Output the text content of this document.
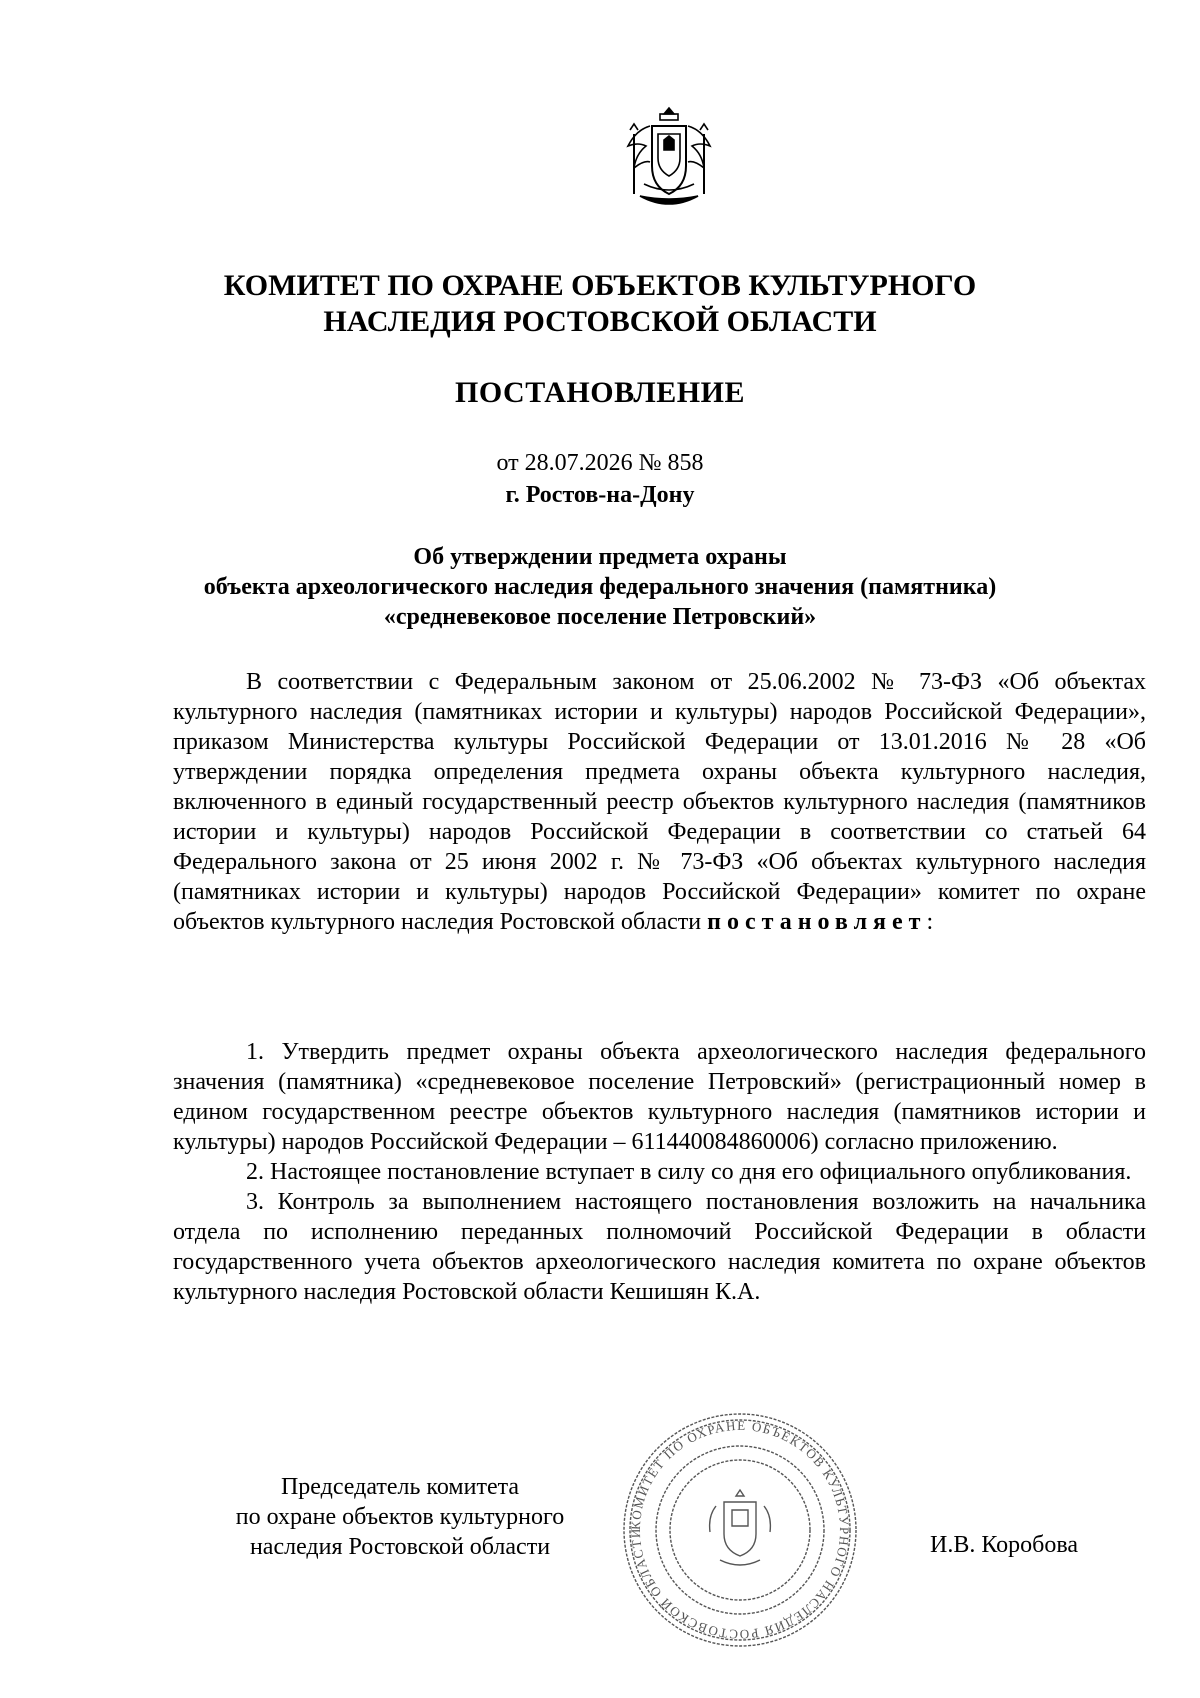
КОМИТЕТ ПО ОХРАНЕ ОБЪЕКТОВ КУЛЬТУРНОГО
НАСЛЕДИЯ РОСТОВСКОЙ ОБЛАСТИ
ПОСТАНОВЛЕНИЕ
от 28.07.2026 № 858
г. Ростов-на-Дону
Об утверждении предмета охраны
объекта археологического наследия федерального значения (памятника)
«средневековое поселение Петровский»

В соответствии с Федеральным законом от 25.06.2002 № 73-ФЗ «Об объектах культурного наследия (памятниках истории и культуры) народов Российской Федерации», приказом Министерства культуры Российской Федерации от 13.01.2016 № 28 «Об утверждении порядка определения предмета охраны объекта культурного наследия, включенного в единый государственный реестр объектов культурного наследия (памятников истории и культуры) народов Российской Федерации в соответствии со статьей 64 Федерального закона от 25 июня 2002 г. № 73-ФЗ «Об объектах культурного наследия (памятниках истории и культуры) народов Российской Федерации» комитет по охране объектов культурного наследия Ростовской области постановляет:

1. Утвердить предмет охраны объекта археологического наследия федерального значения (памятника) «средневековое поселение Петровский» (регистрационный номер в едином государственном реестре объектов культурного наследия (памятников истории и культуры) народов Российской Федерации – 611440084860006) согласно приложению.

2. Настоящее постановление вступает в силу со дня его официального опубликования.

3. Контроль за выполнением настоящего постановления возложить на начальника отдела по исполнению переданных полномочий Российской Федерации в области государственного учета объектов археологического наследия комитета по охране объектов культурного наследия Ростовской области Кешишян К.А.

Председатель комитета
по охране объектов культурного
наследия Ростовской области
КОМИТЕТ ПО ОХРАНЕ ОБЪЕКТОВ КУЛЬТУРНОГО НАСЛЕДИЯ РОСТОВСКОЙ ОБЛАСТИ	И.В. Коробова
